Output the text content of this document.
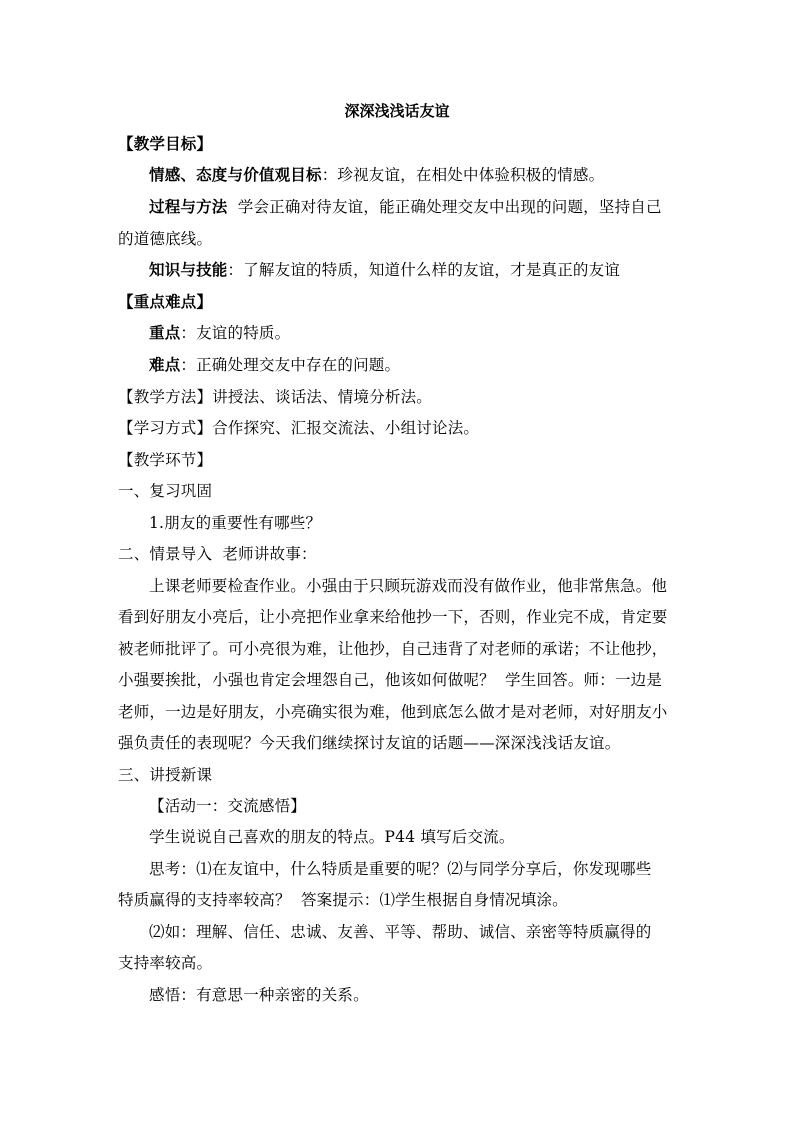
深深浅浅话友谊
【教学目标】
情感、态度与价值观目标：珍视友谊，在相处中体验积极的情感。
过程与方法  学会正确对待友谊，能正确处理交友中出现的问题，坚持自己
的道德底线。
知识与技能：了解友谊的特质，知道什么样的友谊，才是真正的友谊
【重点难点】
重点：友谊的特质。
难点：正确处理交友中存在的问题。
【教学方法】讲授法、谈话法、情境分析法。
【学习方式】合作探究、汇报交流法、小组讨论法。
【教学环节】
一、复习巩固
1.朋友的重要性有哪些？
二、情景导入  老师讲故事：
上课老师要检查作业。小强由于只顾玩游戏而没有做作业，他非常焦急。他
看到好朋友小亮后，让小亮把作业拿来给他抄一下，否则，作业完不成，肯定要
被老师批评了。可小亮很为难，让他抄，自己违背了对老师的承诺；不让他抄，
小强要挨批，小强也肯定会埋怨自己，他该如何做呢？  学生回答。师：一边是
老师，一边是好朋友，小亮确实很为难，他到底怎么做才是对老师，对好朋友小
强负责任的表现呢？今天我们继续探讨友谊的话题——深深浅浅话友谊。
三、讲授新课
【活动一：交流感悟】
学生说说自己喜欢的朋友的特点。P44 填写后交流。
思考：⑴在友谊中，什么特质是重要的呢？⑵与同学分享后，你发现哪些
特质赢得的支持率较高？  答案提示：⑴学生根据自身情况填涂。
⑵如：理解、信任、忠诚、友善、平等、帮助、诚信、亲密等特质赢得的
支持率较高。
感悟：有意思一种亲密的关系。
